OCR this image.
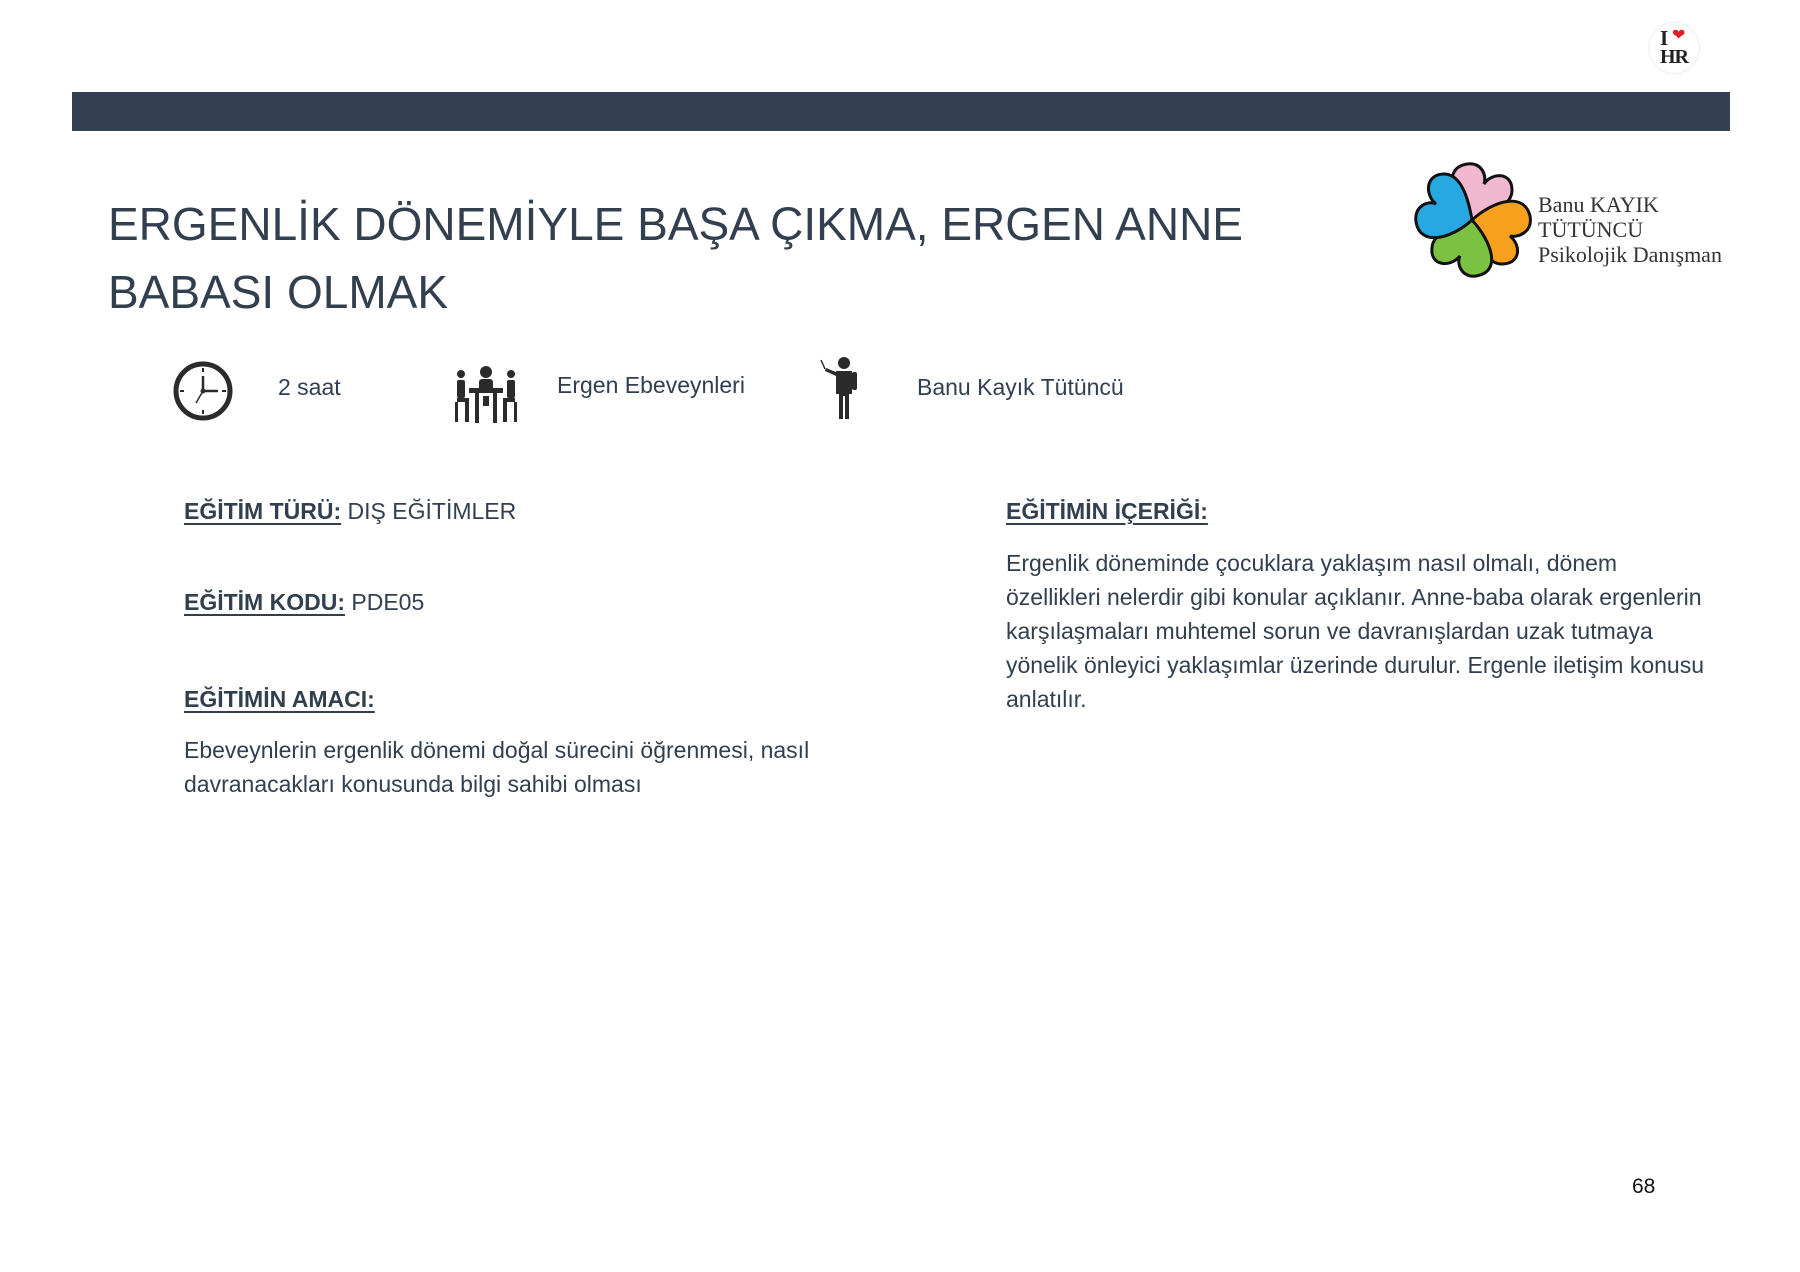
I ❤
HR
ERGENLİK DÖNEMİYLE BAŞA ÇIKMA, ERGEN ANNE BABASI OLMAK
Banu KAYIK
TÜTÜNCÜ
Psikolojik Danışman
2 saat	Ergen Ebeveynleri	Banu Kayık Tütüncü
EĞİTİM TÜRÜ: DIŞ EĞİTİMLER
EĞİTİM KODU: PDE05
EĞİTİMİN AMACI:
Ebeveynlerin ergenlik dönemi doğal sürecini öğrenmesi, nasıl davranacakları konusunda bilgi sahibi olması
EĞİTİMİN İÇERİĞİ:
Ergenlik döneminde çocuklara yaklaşım nasıl olmalı, dönem özellikleri nelerdir gibi konular açıklanır. Anne-baba olarak ergenlerin karşılaşmaları muhtemel sorun ve davranışlardan uzak tutmaya yönelik önleyici yaklaşımlar üzerinde durulur. Ergenle iletişim konusu anlatılır.
68
